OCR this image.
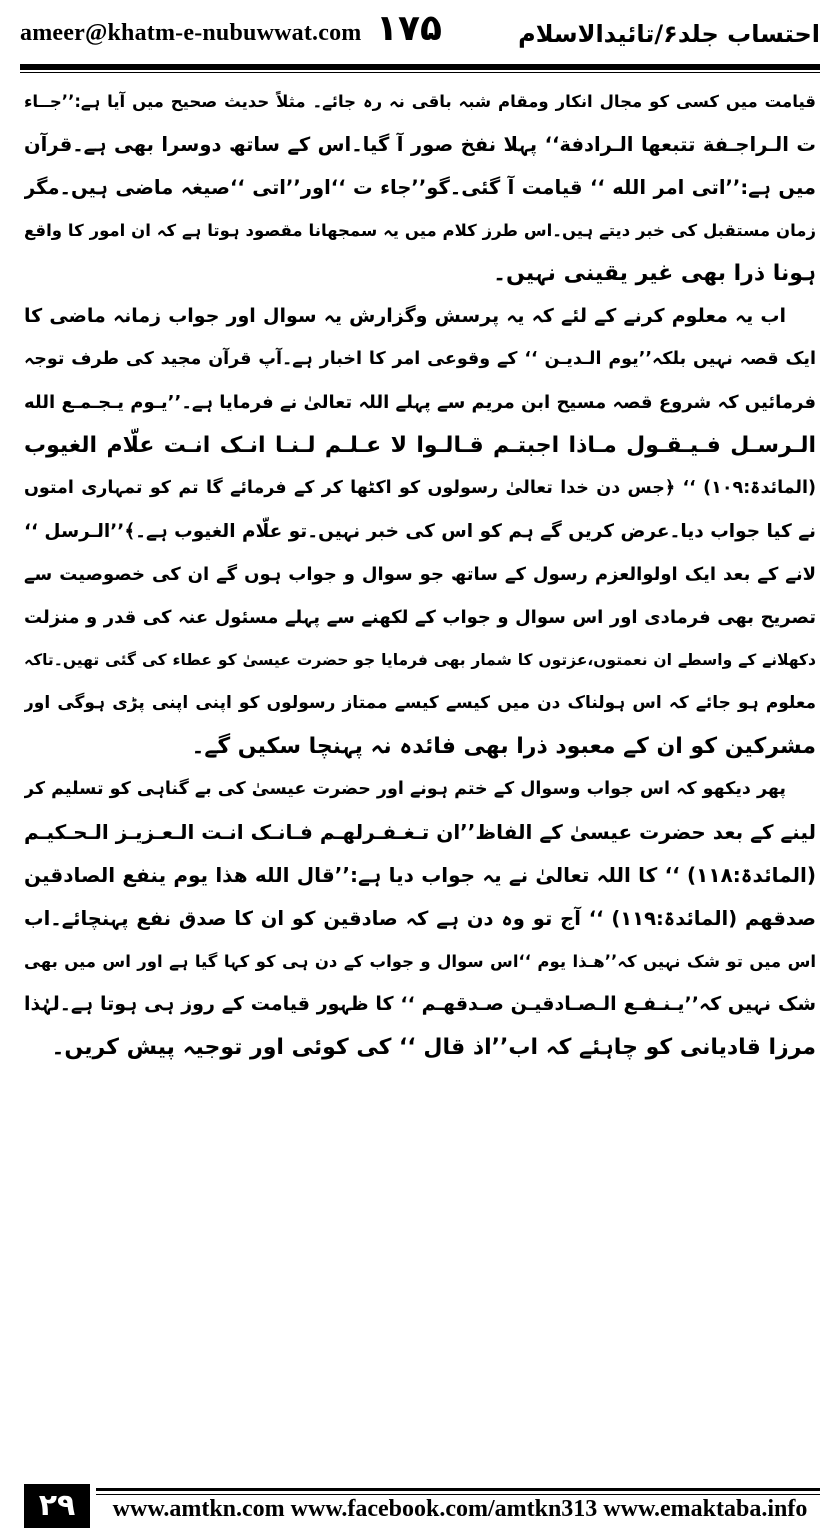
ameer@khatm-e-nubuwwat.com ۱۷۵	احتساب جلد۶/تائیدالاسلام
قیامت میں کسی کو مجال انکار ومقام شبہ باقی نہ رہ جائے۔ مثلاً حدیث صحیح میں آیا ہے:’’جــاء
ت الـراجـفة تتبعها الـرادفة‘‘ پہلا نفخ صور آ گیا۔اس کے ساتھ دوسرا بھی ہے۔قرآن
میں ہے:’’اتی امر الله ‘‘ قیامت آ گئی۔گو’’جاء ت ‘‘اور’’اتی ‘‘صیغہ ماضی ہیں۔مگر
زمان مستقبل کی خبر دیتے ہیں۔اس طرز کلام میں یہ سمجھانا مقصود ہوتا ہے کہ ان امور کا واقع
ہونا ذرا بھی غیر یقینی نہیں۔
اب یہ معلوم کرنے کے لئے کہ یہ پرسش وگزارش یہ سوال اور جواب زمانہ ماضی کا
ایک قصہ نہیں بلکہ’’یوم الـدیـن ‘‘ کے وقوعی امر کا اخبار ہے۔آپ قرآن مجید کی طرف توجہ
فرمائیں کہ شروع قصہ مسیح ابن مریم سے پہلے اللہ تعالیٰ نے فرمایا ہے۔’’یـوم یـجـمـع الله
الـرسـل فـیـقـول مـاذا اجبتـم قـالـوا لا عـلـم لـنـا انـک انـت علّام الغیوب
(المائدۃ:۱۰۹) ‘‘ ﴿جس دن خدا تعالیٰ رسولوں کو اکٹھا کر کے فرمائے گا تم کو تمہاری امتوں
نے کیا جواب دیا۔عرض کریں گے ہم کو اس کی خبر نہیں۔تو علّام الغیوب ہے۔﴾’’الـرسل ‘‘
لانے کے بعد ایک اولوالعزم رسول کے ساتھ جو سوال و جواب ہوں گے ان کی خصوصیت سے
تصریح بھی فرمادی اور اس سوال و جواب کے لکھنے سے پہلے مسئول عنہ کی قدر و منزلت
دکھلانے کے واسطے ان نعمتوں،عزتوں کا شمار بھی فرمایا جو حضرت عیسیٰ کو عطاء کی گئی تھیں۔تاکہ
معلوم ہو جائے کہ اس ہولناک دن میں کیسے کیسے ممتاز رسولوں کو اپنی اپنی پڑی ہوگی اور
مشرکین کو ان کے معبود ذرا بھی فائدہ نہ پہنچا سکیں گے۔
پھر دیکھو کہ اس جواب وسوال کے ختم ہونے اور حضرت عیسیٰ کی بے گناہی کو تسلیم کر
لینے کے بعد حضرت عیسیٰ کے الفاظ’’ان تـغـفـرلهـم فـانـک انـت الـعـزیـز الـحـکیـم
(المائدۃ:۱۱۸) ‘‘ کا اللہ تعالیٰ نے یہ جواب دیا ہے:’’قال الله هذا یوم ینفع الصادقین
صدقهم (المائدۃ:۱۱۹) ‘‘ آج تو وہ دن ہے کہ صادقین کو ان کا صدق نفع پہنچائے۔اب
اس میں تو شک نہیں کہ’’هـذا یوم ‘‘اس سوال و جواب کے دن ہی کو کہا گیا ہے اور اس میں بھی
شک نہیں کہ’’یـنـفـع الـصـادقیـن صـدقهـم ‘‘ کا ظہور قیامت کے روز ہی ہوتا ہے۔لہٰذا
مرزا قادیانی کو چاہئے کہ اب’’اذ قال ‘‘ کی کوئی اور توجیہ پیش کریں۔
۲۹	www.amtkn.com www.facebook.com/amtkn313 www.emaktaba.info
